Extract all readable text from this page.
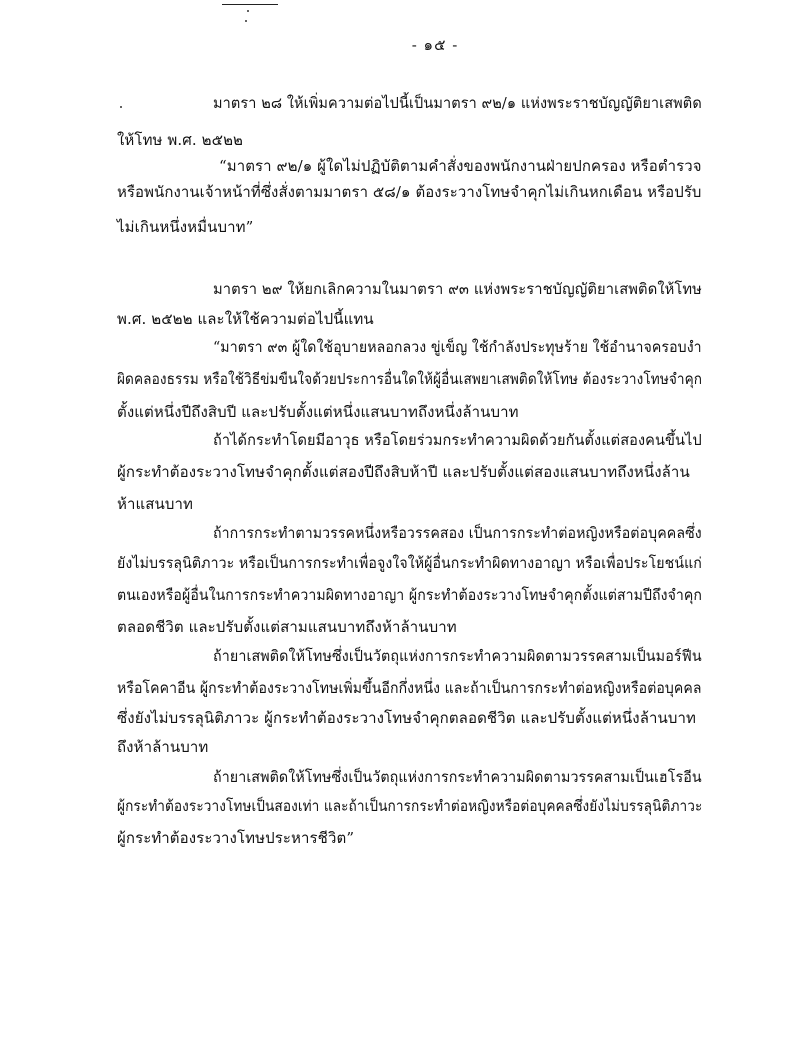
- ๑๕ -
มาตรา ๒๘ ให้เพิ่มความต่อไปนี้เป็นมาตรา ๙๒/๑ แห่งพระราชบัญญัติยาเสพติด
ให้โทษ พ.ศ. ๒๕๒๒
“มาตรา ๙๒/๑ ผู้ใดไม่ปฏิบัติตามคำสั่งของพนักงานฝ่ายปกครอง หรือตำรวจ
หรือพนักงานเจ้าหน้าที่ซึ่งสั่งตามมาตรา ๕๘/๑ ต้องระวางโทษจำคุกไม่เกินหกเดือน หรือปรับ
ไม่เกินหนึ่งหมื่นบาท”
มาตรา ๒๙ ให้ยกเลิกความในมาตรา ๙๓ แห่งพระราชบัญญัติยาเสพติดให้โทษ
พ.ศ. ๒๕๒๒ และให้ใช้ความต่อไปนี้แทน
“มาตรา ๙๓ ผู้ใดใช้อุบายหลอกลวง ขู่เข็ญ ใช้กำลังประทุษร้าย ใช้อำนาจครอบงำ
ผิดคลองธรรม หรือใช้วิธีข่มขืนใจด้วยประการอื่นใดให้ผู้อื่นเสพยาเสพติดให้โทษ ต้องระวางโทษจำคุก
ตั้งแต่หนึ่งปีถึงสิบปี และปรับตั้งแต่หนึ่งแสนบาทถึงหนึ่งล้านบาท
ถ้าได้กระทำโดยมีอาวุธ หรือโดยร่วมกระทำความผิดด้วยกันตั้งแต่สองคนขึ้นไป
ผู้กระทำต้องระวางโทษจำคุกตั้งแต่สองปีถึงสิบห้าปี และปรับตั้งแต่สองแสนบาทถึงหนึ่งล้าน
ห้าแสนบาท
ถ้าการกระทำตามวรรคหนึ่งหรือวรรคสอง เป็นการกระทำต่อหญิงหรือต่อบุคคลซึ่ง
ยังไม่บรรลุนิติภาวะ หรือเป็นการกระทำเพื่อจูงใจให้ผู้อื่นกระทำผิดทางอาญา หรือเพื่อประโยชน์แก่
ตนเองหรือผู้อื่นในการกระทำความผิดทางอาญา ผู้กระทำต้องระวางโทษจำคุกตั้งแต่สามปีถึงจำคุก
ตลอดชีวิต และปรับตั้งแต่สามแสนบาทถึงห้าล้านบาท
ถ้ายาเสพติดให้โทษซึ่งเป็นวัตถุแห่งการกระทำความผิดตามวรรคสามเป็นมอร์ฟีน
หรือโคคาอีน ผู้กระทำต้องระวางโทษเพิ่มขึ้นอีกกึ่งหนึ่ง และถ้าเป็นการกระทำต่อหญิงหรือต่อบุคคล
ซึ่งยังไม่บรรลุนิติภาวะ ผู้กระทำต้องระวางโทษจำคุกตลอดชีวิต และปรับตั้งแต่หนึ่งล้านบาท
ถึงห้าล้านบาท
ถ้ายาเสพติดให้โทษซึ่งเป็นวัตถุแห่งการกระทำความผิดตามวรรคสามเป็นเฮโรอีน
ผู้กระทำต้องระวางโทษเป็นสองเท่า และถ้าเป็นการกระทำต่อหญิงหรือต่อบุคคลซึ่งยังไม่บรรลุนิติภาวะ
ผู้กระทำต้องระวางโทษประหารชีวิต”
